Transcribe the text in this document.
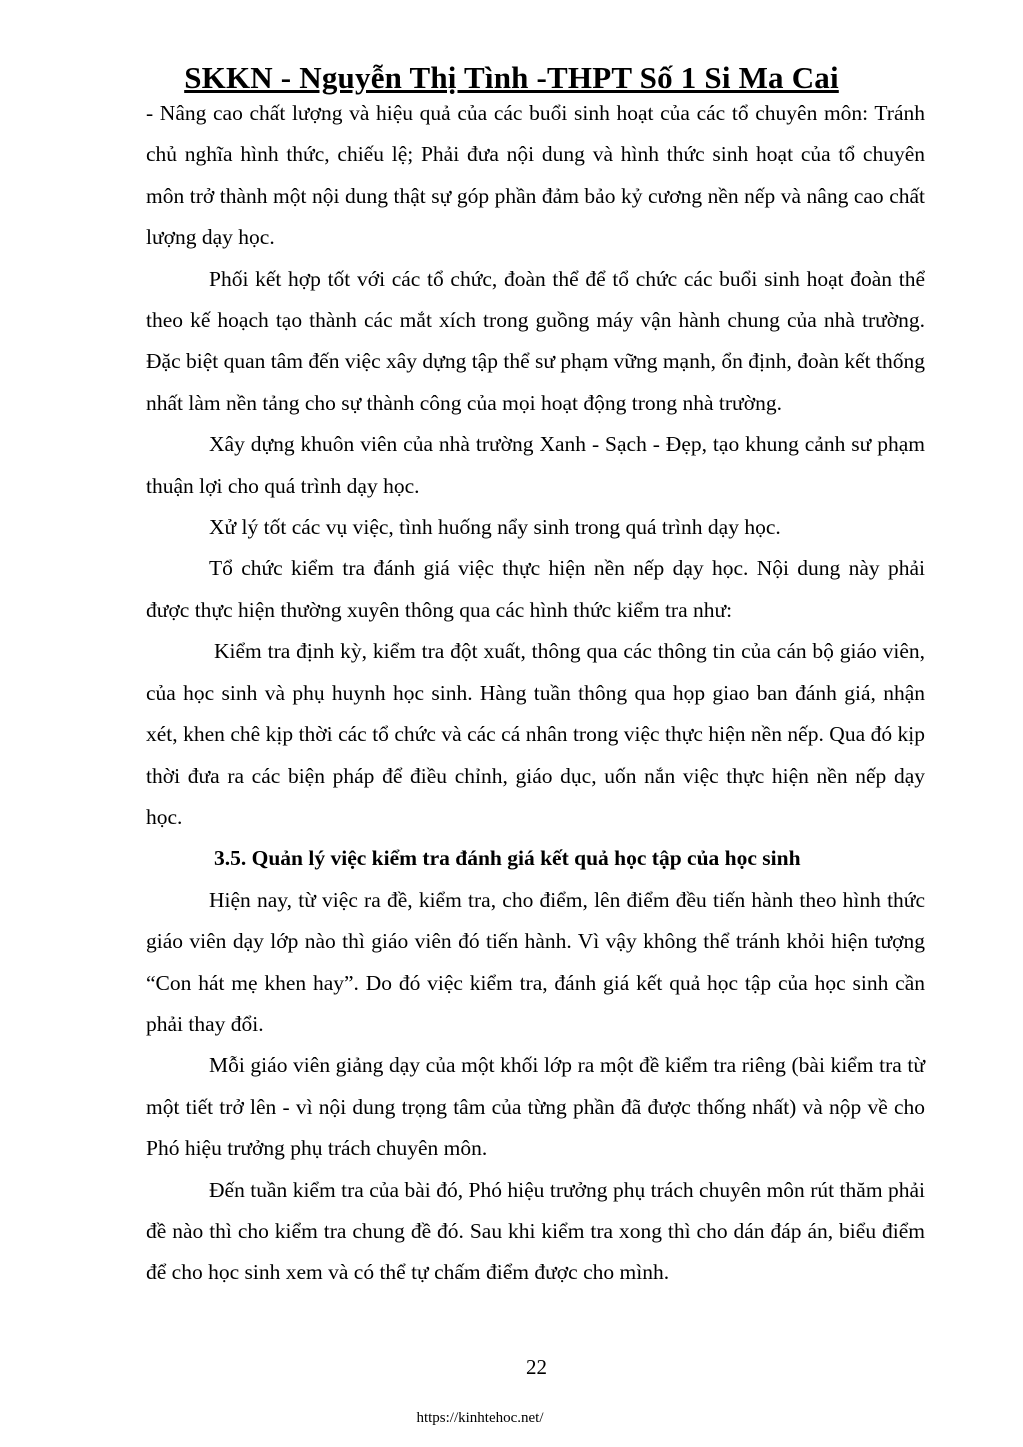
SKKN - Nguyễn Thị Tình -THPT Số 1 Si Ma Cai

- Nâng cao chất lượng và hiệu quả của các buổi sinh hoạt của các tổ chuyên môn: Tránh chủ nghĩa hình thức, chiếu lệ; Phải đưa nội dung và hình thức sinh hoạt của tổ chuyên môn trở thành một nội dung thật sự góp phần đảm bảo kỷ cương nền nếp và nâng cao chất lượng dạy học.

Phối kết hợp tốt với các tổ chức, đoàn thể để tổ chức các buổi sinh hoạt đoàn thể theo kế hoạch tạo thành các mắt xích trong guồng máy vận hành chung của nhà trường. Đặc biệt quan tâm đến việc xây dựng tập thể sư phạm vững mạnh, ổn định, đoàn kết thống nhất làm nền tảng cho sự thành công của mọi hoạt động trong nhà trường.

Xây dựng khuôn viên của nhà trường Xanh - Sạch - Đẹp, tạo khung cảnh sư phạm thuận lợi cho quá trình dạy học.

Xử lý tốt các vụ việc, tình huống nẩy sinh trong quá trình dạy học.

Tổ chức kiểm tra đánh giá việc thực hiện nền nếp dạy học. Nội dung này phải được thực hiện thường xuyên thông qua các hình thức kiểm tra như:

Kiểm tra định kỳ, kiểm tra đột xuất, thông qua các thông tin của cán bộ giáo viên, của học sinh và phụ huynh học sinh. Hàng tuần thông qua họp giao ban đánh giá, nhận xét, khen chê kịp thời các tổ chức và các cá nhân trong việc thực hiện nền nếp. Qua đó kịp thời đưa ra các biện pháp để điều chỉnh, giáo dục, uốn nắn việc thực hiện nền nếp dạy học.

3.5. Quản lý việc kiểm tra đánh giá kết quả học tập của học sinh

Hiện nay, từ việc ra đề, kiểm tra, cho điểm, lên điểm đều tiến hành theo hình thức giáo viên dạy lớp nào thì giáo viên đó tiến hành. Vì vậy không thể tránh khỏi hiện tượng “Con hát mẹ khen hay”. Do đó việc kiểm tra, đánh giá kết quả học tập của học sinh cần phải thay đổi.

Mỗi giáo viên giảng dạy của một khối lớp ra một đề kiểm tra riêng (bài kiểm tra từ một tiết trở lên - vì nội dung trọng tâm của từng phần đã được thống nhất) và nộp về cho Phó hiệu trưởng phụ trách chuyên môn.

Đến tuần kiểm tra của bài đó, Phó hiệu trưởng phụ trách chuyên môn rút thăm phải đề nào thì cho kiểm tra chung đề đó. Sau khi kiểm tra xong thì cho dán đáp án, biểu điểm để cho học sinh xem và có thể tự chấm điểm được cho mình.

22
https://kinhtehoc.net/
